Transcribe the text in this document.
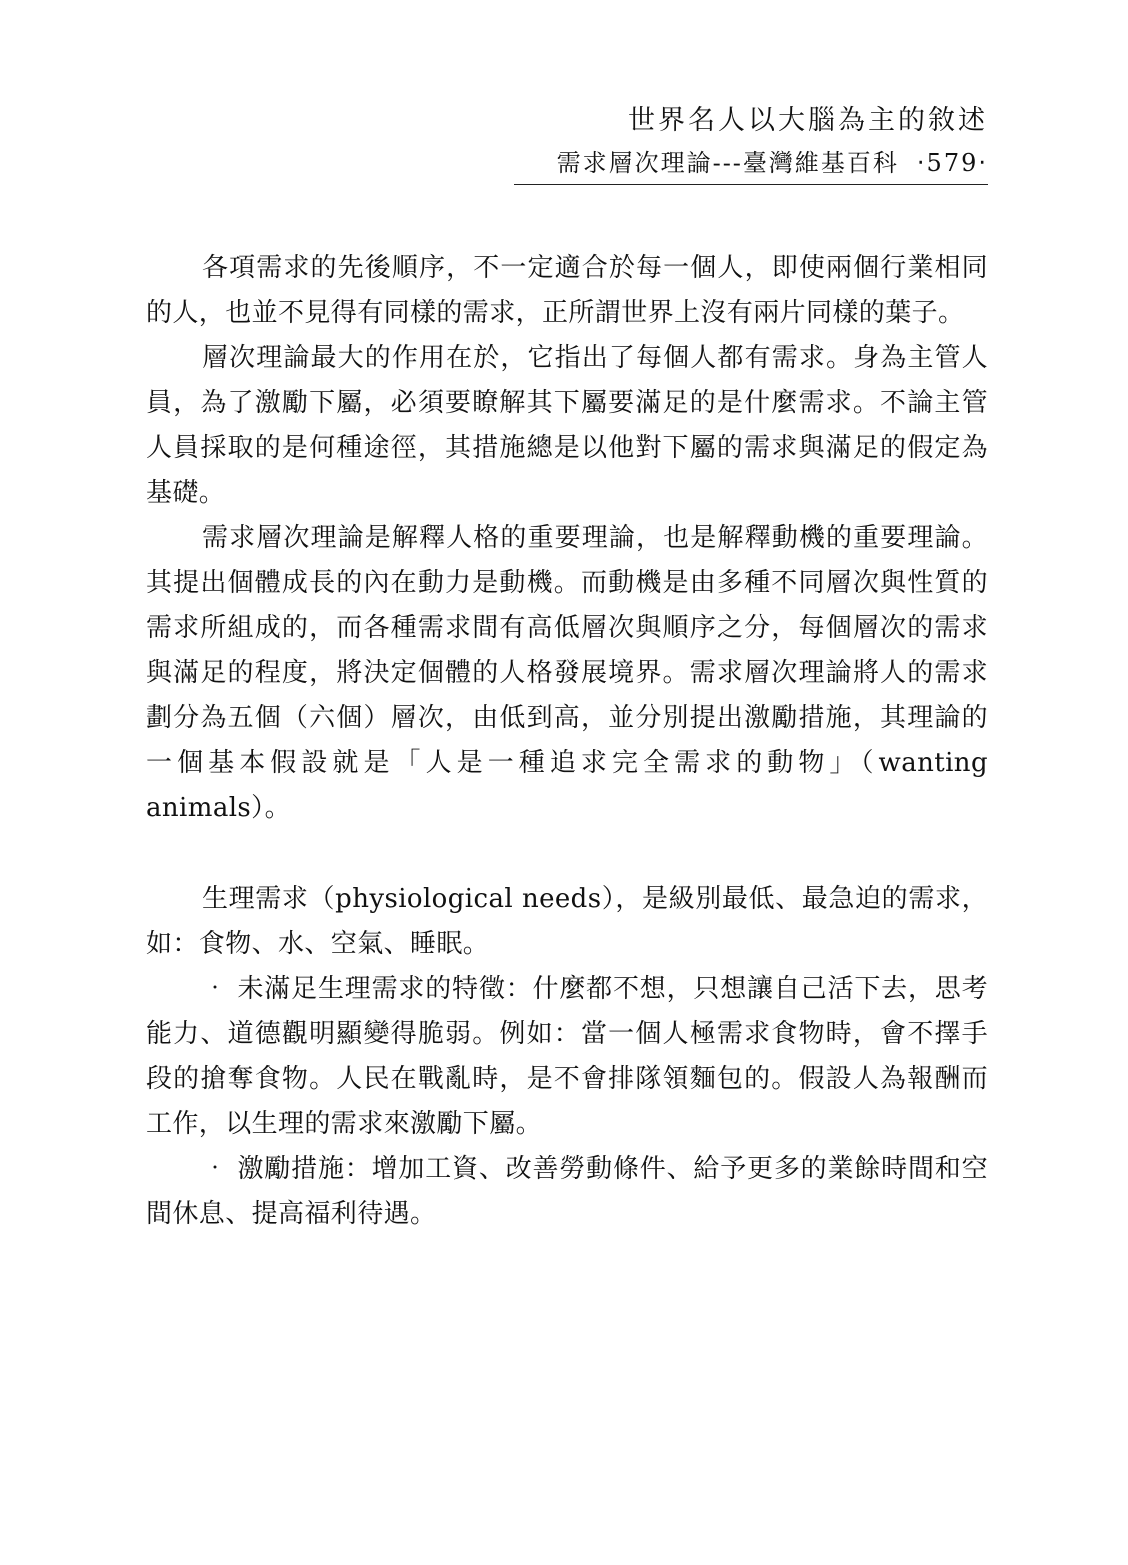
世界名人以大腦為主的敘述
需求層次理論---臺灣維基百科 ‧579‧

各項需求的先後順序，不一定適合於每一個人，即使兩個行業相同的人，也並不見得有同樣的需求，正所謂世界上沒有兩片同樣的葉子。

層次理論最大的作用在於，它指出了每個人都有需求。身為主管人員，為了激勵下屬，必須要瞭解其下屬要滿足的是什麼需求。不論主管人員採取的是何種途徑，其措施總是以他對下屬的需求與滿足的假定為基礎。

需求層次理論是解釋人格的重要理論，也是解釋動機的重要理論。其提出個體成長的內在動力是動機。而動機是由多種不同層次與性質的需求所組成的，而各種需求間有高低層次與順序之分，每個層次的需求與滿足的程度，將決定個體的人格發展境界。需求層次理論將人的需求劃分為五個（六個）層次，由低到高，並分別提出激勵措施，其理論的一個基本假設就是「人是一種追求完全需求的動物」（wanting animals）。

生理需求（physiological needs），是級別最低、最急迫的需求，如：食物、水、空氣、睡眠。

‧ 未滿足生理需求的特徵：什麼都不想，只想讓自己活下去，思考能力、道德觀明顯變得脆弱。例如：當一個人極需求食物時，會不擇手段的搶奪食物。人民在戰亂時，是不會排隊領麵包的。假設人為報酬而工作，以生理的需求來激勵下屬。

‧ 激勵措施：增加工資、改善勞動條件、給予更多的業餘時間和空間休息、提高福利待遇。
